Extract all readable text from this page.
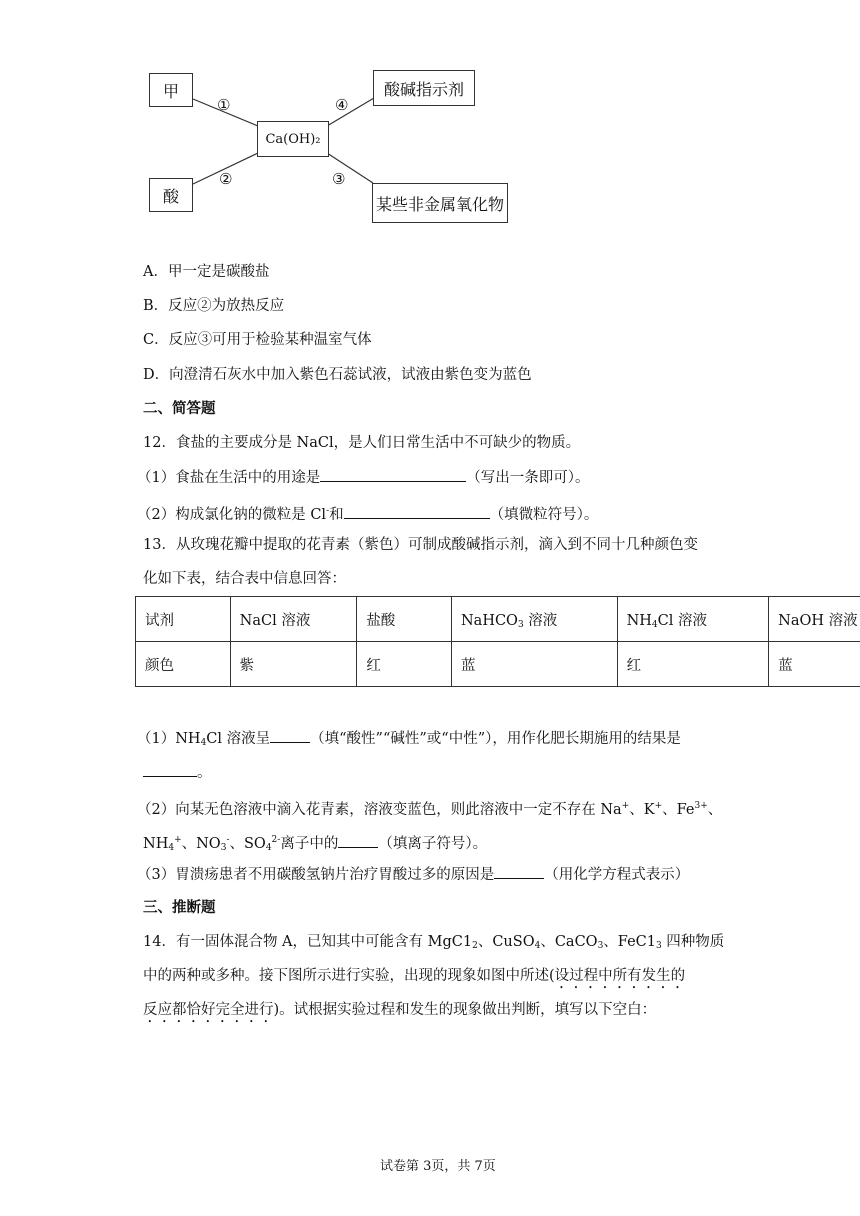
甲
酸
Ca(OH)₂
酸碱指示剂
某些非金属氧化物
①
②	③
④
A．甲一定是碳酸盐
B．反应②为放热反应
C．反应③可用于检验某种温室气体
D．向澄清石灰水中加入紫色石蕊试液，试液由紫色变为蓝色
二、简答题
12．食盐的主要成分是 NaCl，是人们日常生活中不可缺少的物质。
（1）食盐在生活中的用途是	（写出一条即可）。
（2）构成氯化钠的微粒是 Cl-和	（填微粒符号）。
13．从玫瑰花瓣中提取的花青素（紫色）可制成酸碱指示剂，滴入到不同十几种颜色变
化如下表，结合表中信息回答：
试剂	NaCl 溶液	盐酸	NaHCO$_3$ 溶液	$NH_4Cl$ 溶液	NaOH 溶液
颜色	紫	红	蓝	红	蓝
$(1)NH_4Cl$ 溶液呈	（填“酸性”“碱性”或“中性”），用作化肥长期施用的结果是
。
（2）向某无色溶液中滴入花青素，溶液变蓝色，则此溶液中一定不存在 Na+、K+、$Fe^{3+}$、
$NH_4^+$、$NO_3^-$、$SO_4^{2-}$离子中的	（填离子符号）。
（3）胃溃疡患者不用碳酸氢钠片治疗胃酸过多的原因是	（用化学方程式表示）
三、推断题
14．有一固体混合物 A，已知其中可能含有 $MgC1_2$、CuSO$_4$、CaCO$_3$、$FeC1_3$ 四种物质
中的两种或多种。接下图所示进行实验，出现的现象如图中所述(设过程中所有发生的
反应都恰好完全进行)。试根据实验过程和发生的现象做出判断，填写以下空白：
试卷第 3页，共 7页
